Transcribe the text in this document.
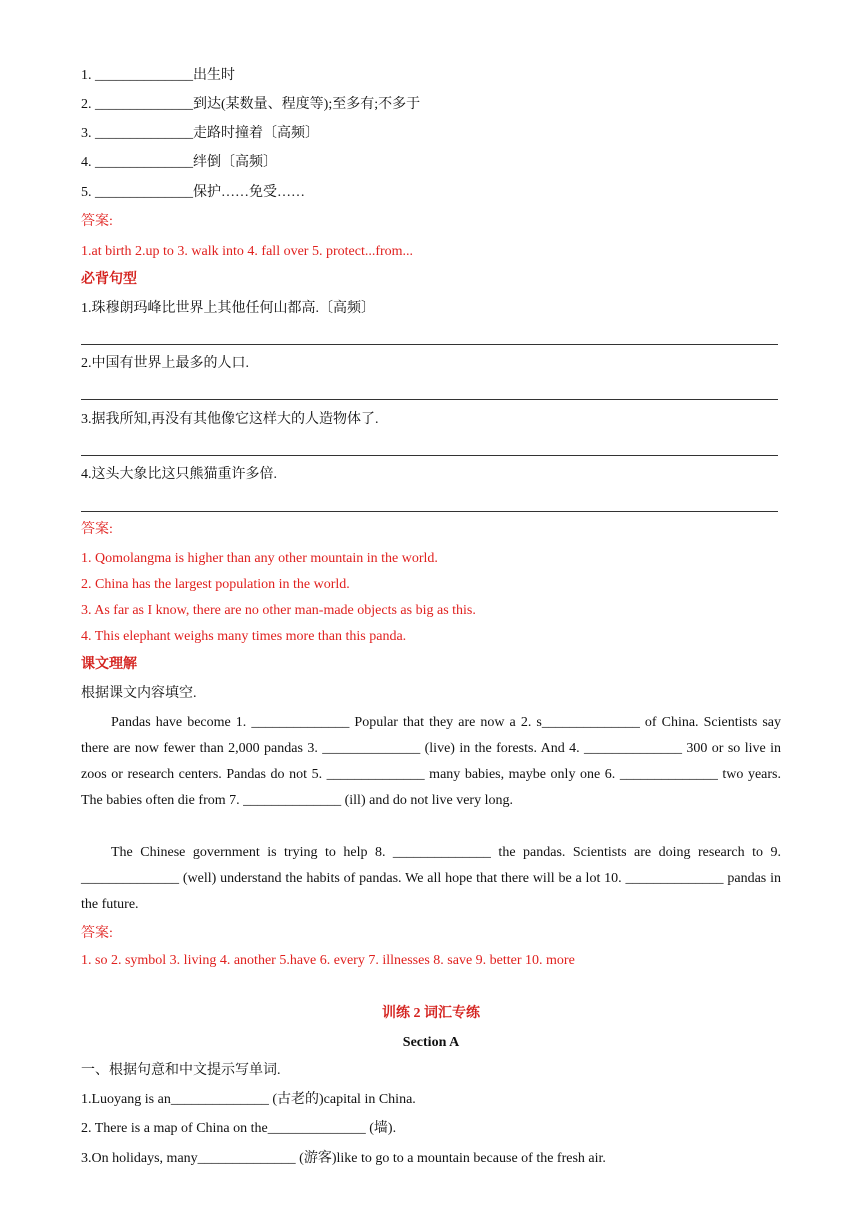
1. ______________出生时
2. ______________到达(某数量、程度等);至多有;不多于
3. ______________走路时撞着〔高频〕
4. ______________绊倒〔高频〕
5. ______________保护……免受……
答案:
1.at birth 2.up to 3. walk into 4. fall over 5. protect...from...
必背句型
1.珠穆朗玛峰比世界上其他任何山都高.〔高频〕
2.中国有世界上最多的人口.
3.据我所知,再没有其他像它这样大的人造物体了.
4.这头大象比这只熊猫重许多倍.
答案:
1. Qomolangma is higher than any other mountain in the world.
2. China has the largest population in the world.
3. As far as I know, there are no other man-made objects as big as this.
4. This elephant weighs many times more than this panda.
课文理解
根据课文内容填空.

Pandas have become 1. ______________ Popular that they are now a 2. s______________ of China. Scientists say there are now fewer than 2,000 pandas 3. ______________ (live) in the forests. And 4. ______________ 300 or so live in zoos or research centers. Pandas do not 5. ______________ many babies, maybe only one 6. ______________ two years. The babies often die from 7. ______________ (ill) and do not live very long.

The Chinese government is trying to help 8. ______________ the pandas. Scientists are doing research to 9. ______________ (well) understand the habits of pandas. We all hope that there will be a lot 10. ______________ pandas in the future.

答案:
1. so 2. symbol 3. living 4. another 5.have 6. every 7. illnesses 8. save 9. better 10. more
训练 2 词汇专练
Section A
一、根据句意和中文提示写单词.
1.Luoyang is an______________ (古老的)capital in China.
2. There is a map of China on the______________ (墙).
3.On holidays, many______________ (游客)like to go to a mountain because of the fresh air.
